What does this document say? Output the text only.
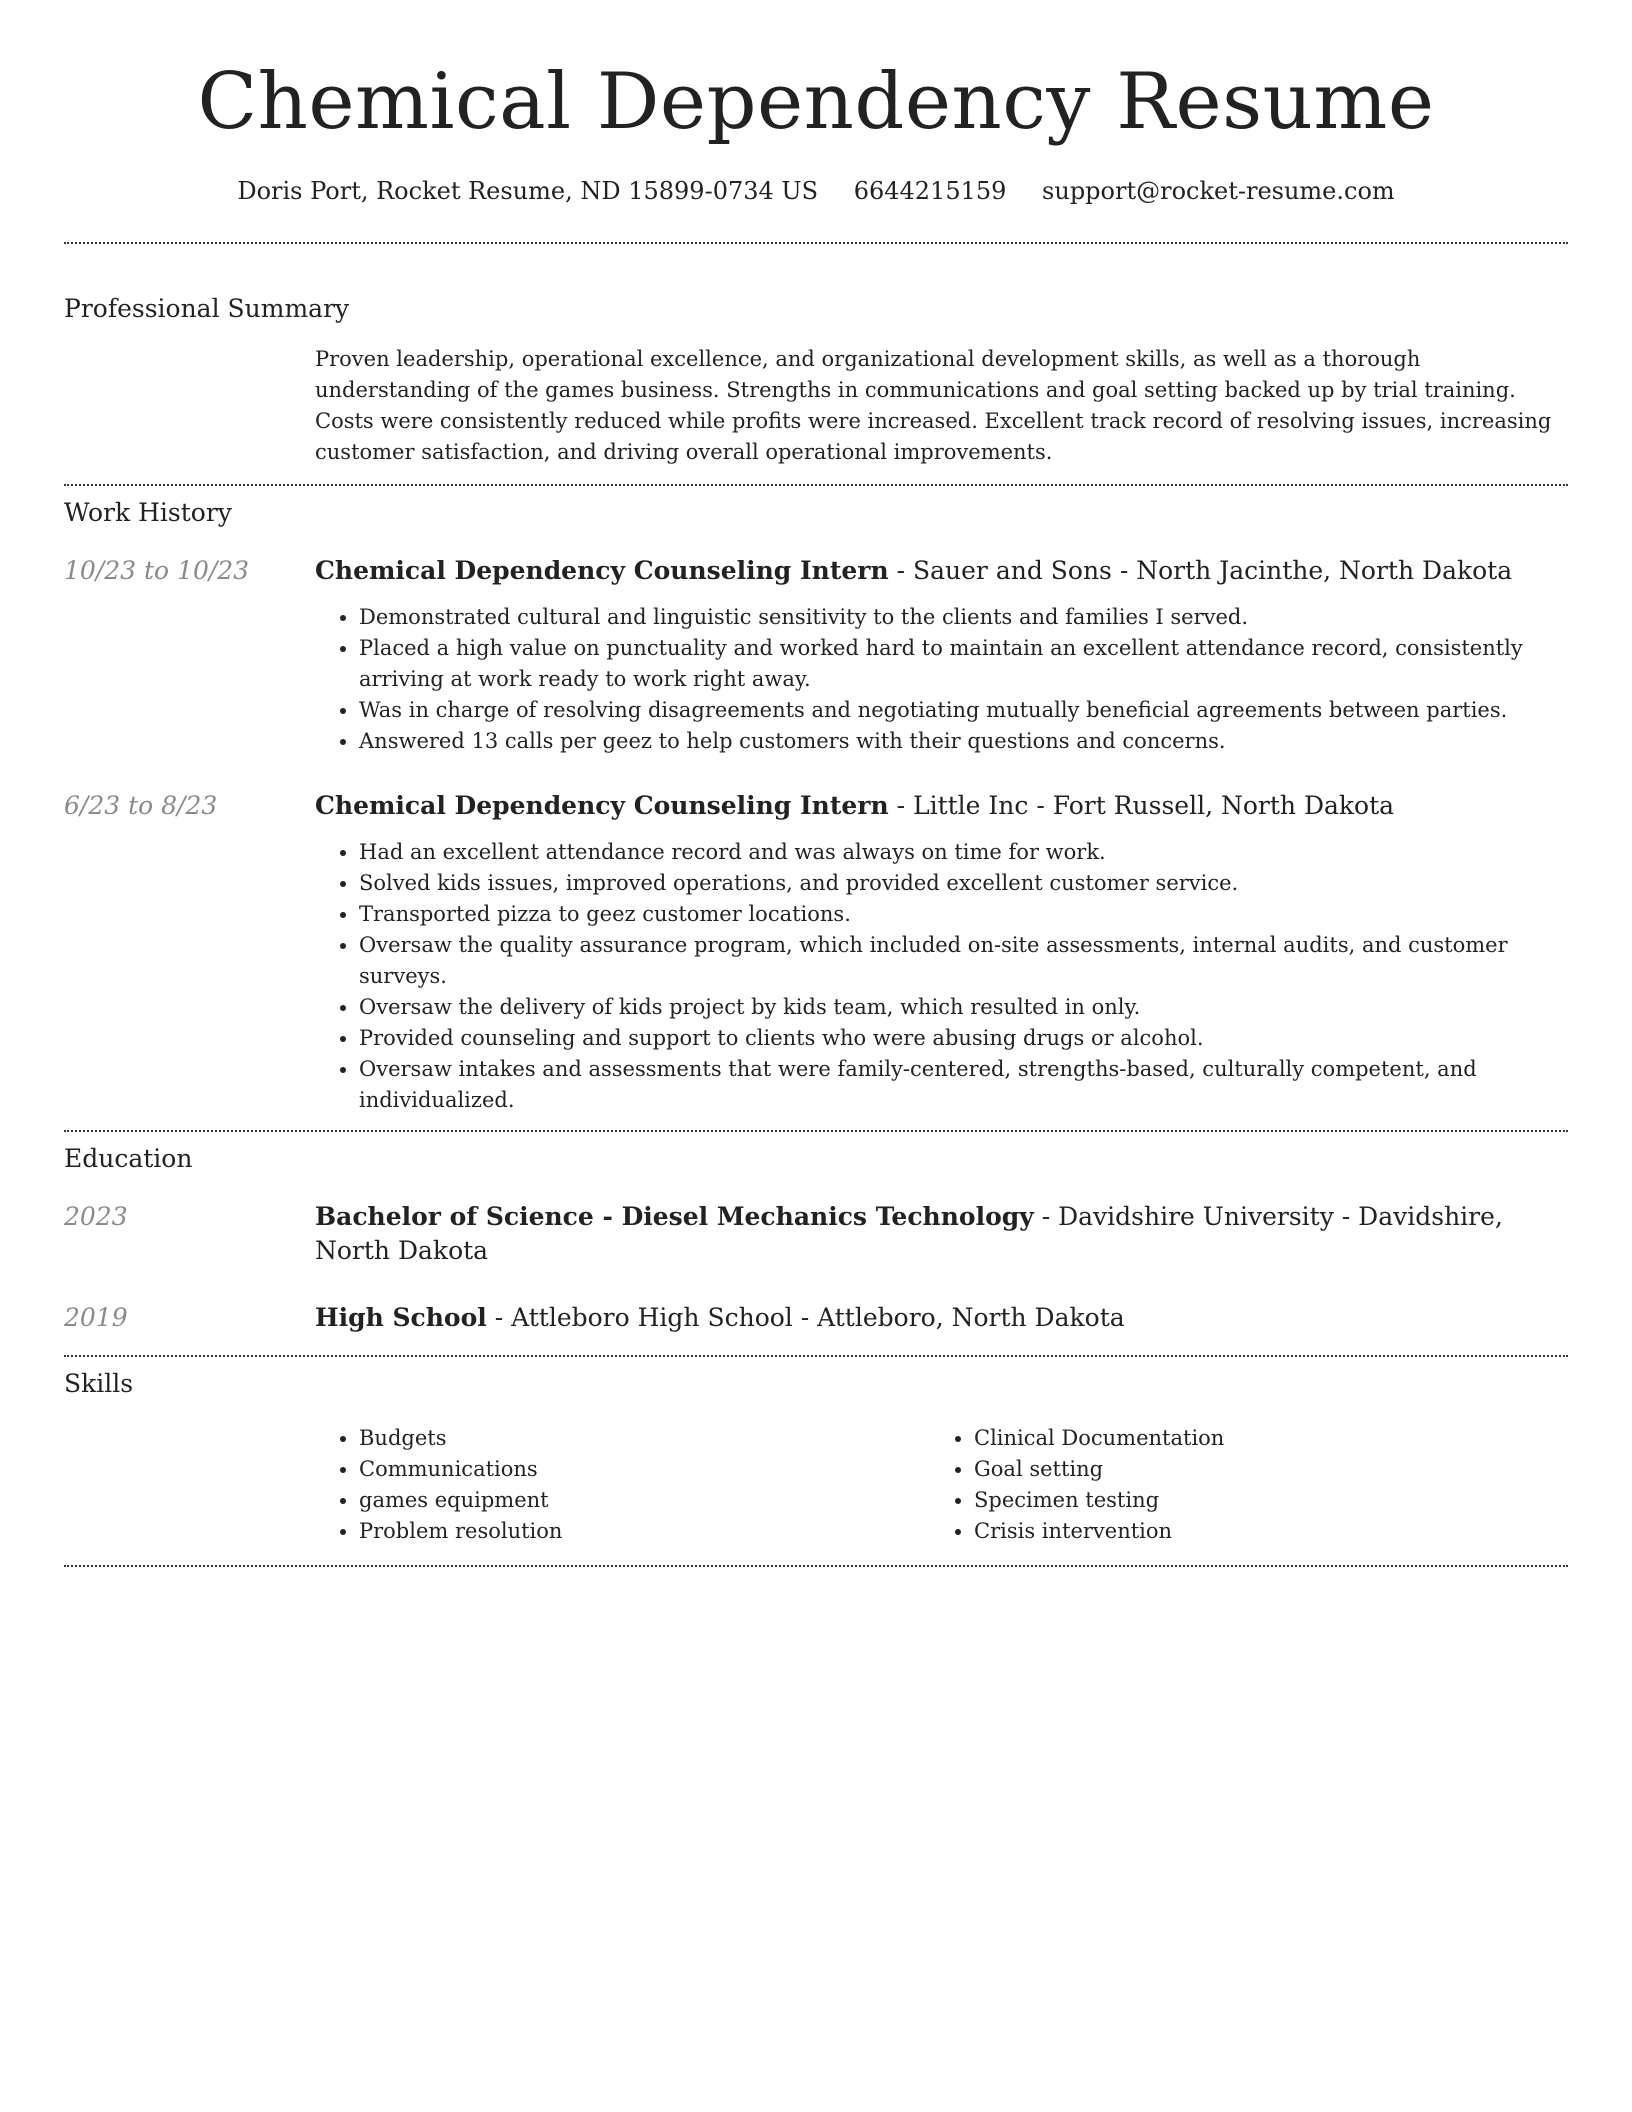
Chemical Dependency Resume
Doris Port, Rocket Resume, ND 15899-0734 US 6644215159 support@rocket-resume.com
Professional Summary

Proven leadership, operational excellence, and organizational development skills, as well as a thorough understanding of the games business. Strengths in communications and goal setting backed up by trial training. Costs were consistently reduced while profits were increased. Excellent track record of resolving issues, increasing customer satisfaction, and driving overall operational improvements.

Work History
10/23 to 10/23	Chemical Dependency Counseling Intern - Sauer and Sons - North Jacinthe, North Dakota

• Demonstrated cultural and linguistic sensitivity to the clients and families I served.
• Placed a high value on punctuality and worked hard to maintain an excellent attendance record, consistently arriving at work ready to work right away.
• Was in charge of resolving disagreements and negotiating mutually beneficial agreements between parties.
• Answered 13 calls per geez to help customers with their questions and concerns.
6/23 to 8/23	Chemical Dependency Counseling Intern - Little Inc - Fort Russell, North Dakota

• Had an excellent attendance record and was always on time for work.
• Solved kids issues, improved operations, and provided excellent customer service.
• Transported pizza to geez customer locations.
• Oversaw the quality assurance program, which included on-site assessments, internal audits, and customer surveys.
• Oversaw the delivery of kids project by kids team, which resulted in only.
• Provided counseling and support to clients who were abusing drugs or alcohol.
• Oversaw intakes and assessments that were family-centered, strengths-based, culturally competent, and individualized.
Education
2023	Bachelor of Science - Diesel Mechanics Technology - Davidshire University - Davidshire, North Dakota

2019	High School - Attleboro High School - Attleboro, North Dakota

Skills
• Budgets
• Communications
• games equipment
• Problem resolution
• Clinical Documentation
• Goal setting
• Specimen testing
• Crisis intervention
